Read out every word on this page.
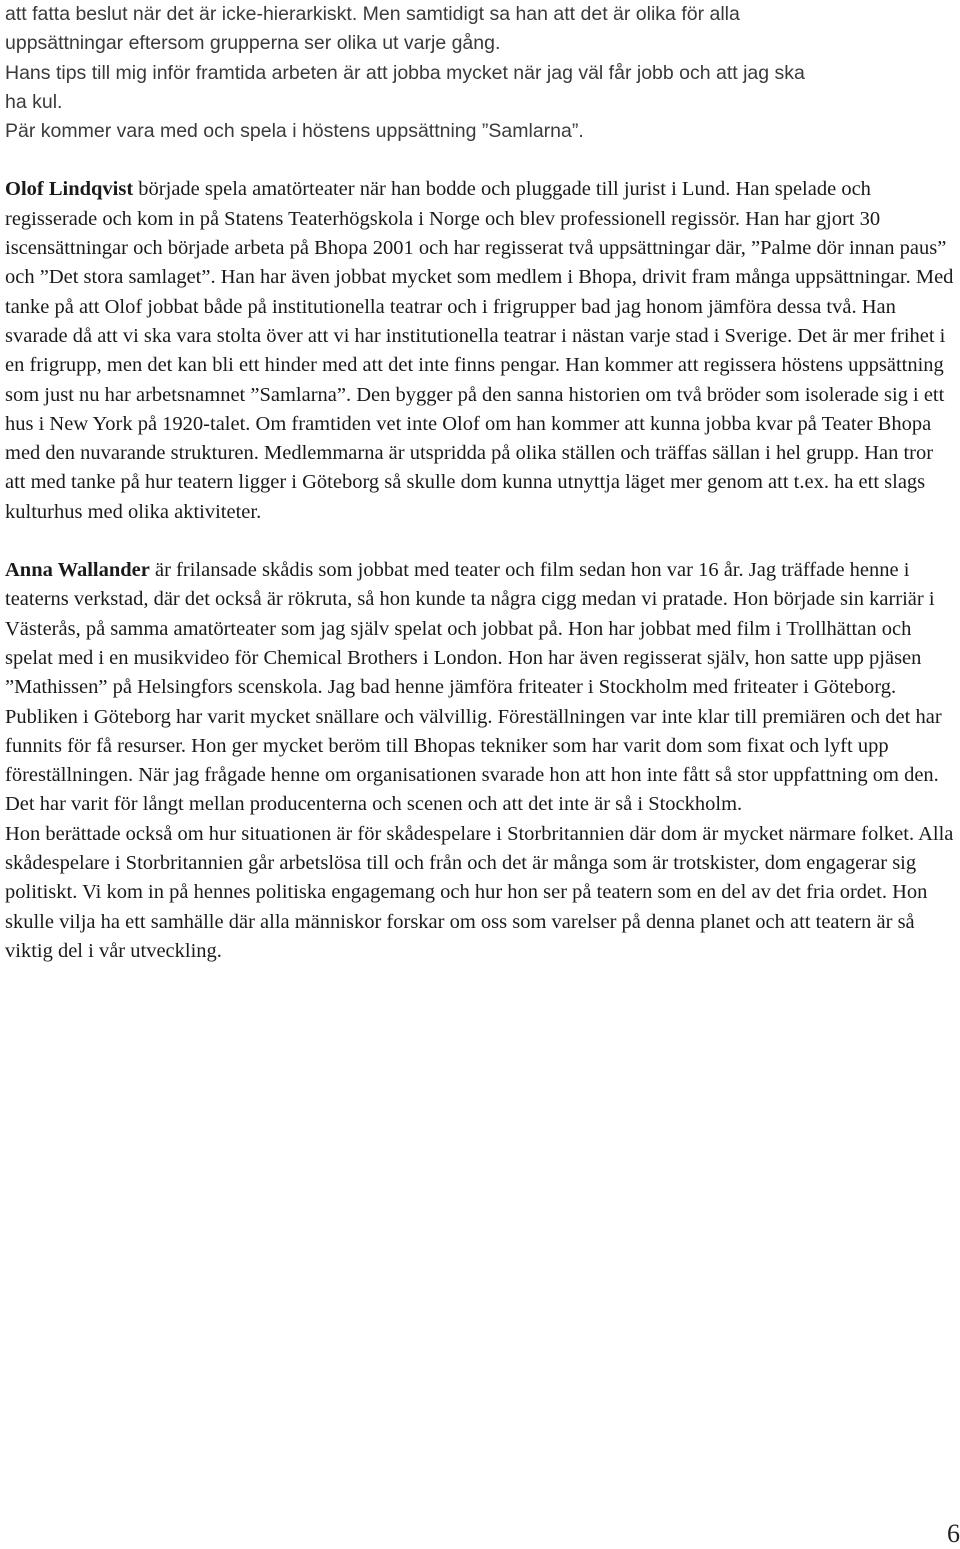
att fatta beslut när det är icke-hierarkiskt. Men samtidigt sa han att det är olika för alla
uppsättningar eftersom grupperna ser olika ut varje gång.
Hans tips till mig inför framtida arbeten är att jobba mycket när jag väl får jobb och att jag ska
ha kul.
Pär kommer vara med och spela i höstens uppsättning ”Samlarna”.

Olof Lindqvist började spela amatörteater när han bodde och pluggade till jurist i Lund. Han spelade och regisserade och kom in på Statens Teaterhögskola i Norge och blev professionell regissör. Han har gjort 30 iscensättningar och började arbeta på Bhopa 2001 och har regisserat två uppsättningar där, ”Palme dör innan paus” och ”Det stora samlaget”. Han har även jobbat mycket som medlem i Bhopa, drivit fram många uppsättningar. Med tanke på att Olof jobbat både på institutionella teatrar och i frigrupper bad jag honom jämföra dessa två. Han svarade då att vi ska vara stolta över att vi har institutionella teatrar i nästan varje stad i Sverige. Det är mer frihet i en frigrupp, men det kan bli ett hinder med att det inte finns pengar. Han kommer att regissera höstens uppsättning som just nu har arbetsnamnet ”Samlarna”. Den bygger på den sanna historien om två bröder som isolerade sig i ett hus i New York på 1920-talet. Om framtiden vet inte Olof om han kommer att kunna jobba kvar på Teater Bhopa med den nuvarande strukturen. Medlemmarna är utspridda på olika ställen och träffas sällan i hel grupp. Han tror att med tanke på hur teatern ligger i Göteborg så skulle dom kunna utnyttja läget mer genom att t.ex. ha ett slags kulturhus med olika aktiviteter.

Anna Wallander är frilansade skådis som jobbat med teater och film sedan hon var 16 år. Jag träffade henne i teaterns verkstad, där det också är rökruta, så hon kunde ta några cigg medan vi pratade. Hon började sin karriär i Västerås, på samma amatörteater som jag själv spelat och jobbat på. Hon har jobbat med film i Trollhättan och spelat med i en musikvideo för Chemical Brothers i London. Hon har även regisserat själv, hon satte upp pjäsen ”Mathissen” på Helsingfors scenskola. Jag bad henne jämföra friteater i Stockholm med friteater i Göteborg. Publiken i Göteborg har varit mycket snällare och välvillig. Föreställningen var inte klar till premiären och det har funnits för få resurser. Hon ger mycket beröm till Bhopas tekniker som har varit dom som fixat och lyft upp föreställningen. När jag frågade henne om organisationen svarade hon att hon inte fått så stor uppfattning om den. Det har varit för långt mellan producenterna och scenen och att det inte är så i Stockholm.

Hon berättade också om hur situationen är för skådespelare i Storbritannien där dom är mycket närmare folket. Alla skådespelare i Storbritannien går arbetslösa till och från och det är många som är trotskister, dom engagerar sig politiskt. Vi kom in på hennes politiska engagemang och hur hon ser på teatern som en del av det fria ordet. Hon skulle vilja ha ett samhälle där alla människor forskar om oss som varelser på denna planet och att teatern är så viktig del i vår utveckling.

6
